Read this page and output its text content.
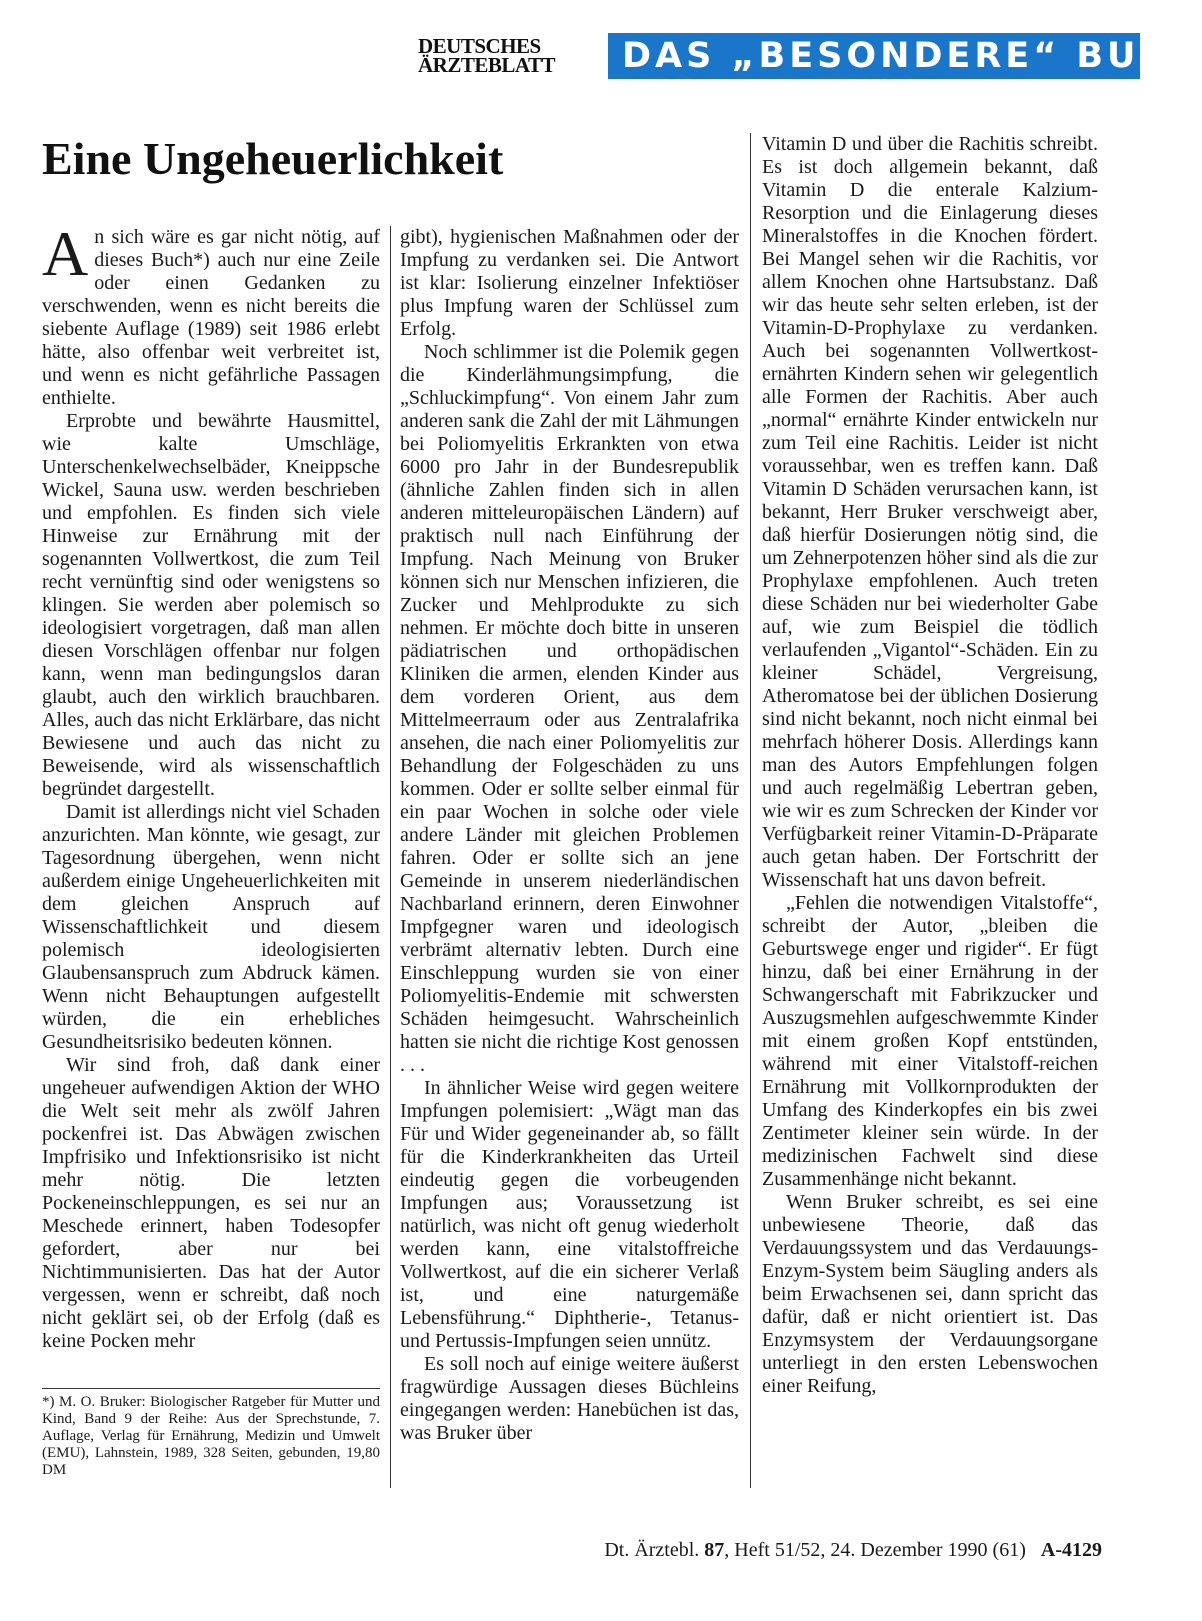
DEUTSCHES
ÄRZTEBLATT	DAS „BESONDERE“ BUCH
Eine Ungeheuerlichkeit

An sich wäre es gar nicht nötig, auf dieses Buch*) auch nur eine Zeile oder einen Gedanken zu verschwenden, wenn es nicht bereits die siebente Auflage (1989) seit 1986 erlebt hätte, also offenbar weit verbreitet ist, und wenn es nicht gefährliche Passagen enthielte.

Erprobte und bewährte Hausmittel, wie kalte Umschläge, Unterschenkelwechselbäder, Kneippsche Wickel, Sauna usw. werden beschrieben und empfohlen. Es finden sich viele Hinweise zur Ernährung mit der sogenannten Vollwertkost, die zum Teil recht vernünftig sind oder wenigstens so klingen. Sie werden aber polemisch so ideologisiert vorgetragen, daß man allen diesen Vorschlägen offenbar nur folgen kann, wenn man bedingungslos daran glaubt, auch den wirklich brauchbaren. Alles, auch das nicht Erklärbare, das nicht Bewiesene und auch das nicht zu Beweisende, wird als wissenschaftlich begründet dargestellt.

Damit ist allerdings nicht viel Schaden anzurichten. Man könnte, wie gesagt, zur Tagesordnung übergehen, wenn nicht außerdem einige Ungeheuerlichkeiten mit dem gleichen Anspruch auf Wissenschaftlichkeit und diesem polemisch ideologisierten Glaubensanspruch zum Abdruck kämen. Wenn nicht Behauptungen aufgestellt würden, die ein erhebliches Gesundheitsrisiko bedeuten können.

Wir sind froh, daß dank einer ungeheuer aufwendigen Aktion der WHO die Welt seit mehr als zwölf Jahren pockenfrei ist. Das Abwägen zwischen Impfrisiko und Infektionsrisiko ist nicht mehr nötig. Die letzten Pockeneinschleppungen, es sei nur an Meschede erinnert, haben Todesopfer gefordert, aber nur bei Nichtimmunisierten. Das hat der Autor vergessen, wenn er schreibt, daß noch nicht geklärt sei, ob der Erfolg (daß es keine Pocken mehr

gibt), hygienischen Maßnahmen oder der Impfung zu verdanken sei. Die Antwort ist klar: Isolierung einzelner Infektiöser plus Impfung waren der Schlüssel zum Erfolg.

Noch schlimmer ist die Polemik gegen die Kinderlähmungsimpfung, die „Schluckimpfung“. Von einem Jahr zum anderen sank die Zahl der mit Lähmungen bei Poliomyelitis Erkrankten von etwa 6000 pro Jahr in der Bundesrepublik (ähnliche Zahlen finden sich in allen anderen mitteleuropäischen Ländern) auf praktisch null nach Einführung der Impfung. Nach Meinung von Bruker können sich nur Menschen infizieren, die Zucker und Mehlprodukte zu sich nehmen. Er möchte doch bitte in unseren pädiatrischen und orthopädischen Kliniken die armen, elenden Kinder aus dem vorderen Orient, aus dem Mittelmeerraum oder aus Zentralafrika ansehen, die nach einer Poliomyelitis zur Behandlung der Folgeschäden zu uns kommen. Oder er sollte selber einmal für ein paar Wochen in solche oder viele andere Länder mit gleichen Problemen fahren. Oder er sollte sich an jene Gemeinde in unserem niederländischen Nachbarland erinnern, deren Einwohner Impfgegner waren und ideologisch verbrämt alternativ lebten. Durch eine Einschleppung wurden sie von einer Poliomyelitis-Endemie mit schwersten Schäden heimgesucht. Wahrscheinlich hatten sie nicht die richtige Kost genossen . . .

In ähnlicher Weise wird gegen weitere Impfungen polemisiert: „Wägt man das Für und Wider gegeneinander ab, so fällt für die Kinderkrankheiten das Urteil eindeutig gegen die vorbeugenden Impfungen aus; Voraussetzung ist natürlich, was nicht oft genug wiederholt werden kann, eine vitalstoffreiche Vollwertkost, auf die ein sicherer Verlaß ist, und eine naturgemäße Lebensführung.“ Diphtherie-, Tetanus- und Pertussis-Impfungen seien unnütz.

Es soll noch auf einige weitere äußerst fragwürdige Aussagen dieses Büchleins eingegangen werden: Hanebüchen ist das, was Bruker über

Vitamin D und über die Rachitis schreibt. Es ist doch allgemein bekannt, daß Vitamin D die enterale Kalzium-Resorption und die Einlagerung dieses Mineralstoffes in die Knochen fördert. Bei Mangel sehen wir die Rachitis, vor allem Knochen ohne Hartsubstanz. Daß wir das heute sehr selten erleben, ist der Vitamin-D-Prophylaxe zu verdanken. Auch bei sogenannten Vollwertkost-ernährten Kindern sehen wir gelegentlich alle Formen der Rachitis. Aber auch „normal“ ernährte Kinder entwickeln nur zum Teil eine Rachitis. Leider ist nicht voraussehbar, wen es treffen kann. Daß Vitamin D Schäden verursachen kann, ist bekannt, Herr Bruker verschweigt aber, daß hierfür Dosierungen nötig sind, die um Zehnerpotenzen höher sind als die zur Prophylaxe empfohlenen. Auch treten diese Schäden nur bei wiederholter Gabe auf, wie zum Beispiel die tödlich verlaufenden „Vigantol“-Schäden. Ein zu kleiner Schädel, Vergreisung, Atheromatose bei der üblichen Dosierung sind nicht bekannt, noch nicht einmal bei mehrfach höherer Dosis. Allerdings kann man des Autors Empfehlungen folgen und auch regelmäßig Lebertran geben, wie wir es zum Schrecken der Kinder vor Verfügbarkeit reiner Vitamin-D-Präparate auch getan haben. Der Fortschritt der Wissenschaft hat uns davon befreit.

„Fehlen die notwendigen Vitalstoffe“, schreibt der Autor, „bleiben die Geburtswege enger und rigider“. Er fügt hinzu, daß bei einer Ernährung in der Schwangerschaft mit Fabrikzucker und Auszugsmehlen aufgeschwemmte Kinder mit einem großen Kopf entstünden, während mit einer Vitalstoff-reichen Ernährung mit Vollkornprodukten der Umfang des Kinderkopfes ein bis zwei Zentimeter kleiner sein würde. In der medizinischen Fachwelt sind diese Zusammenhänge nicht bekannt.

Wenn Bruker schreibt, es sei eine unbewiesene Theorie, daß das Verdauungssystem und das Verdauungs-Enzym-System beim Säugling anders als beim Erwachsenen sei, dann spricht das dafür, daß er nicht orientiert ist. Das Enzymsystem der Verdauungsorgane unterliegt in den ersten Lebenswochen einer Reifung,

*) M. O. Bruker: Biologischer Ratgeber für Mutter und Kind, Band 9 der Reihe: Aus der Sprechstunde, 7. Auflage, Verlag für Ernährung, Medizin und Umwelt (EMU), Lahnstein, 1989, 328 Seiten, gebunden, 19,80 DM

Dt. Ärztebl. 87, Heft 51/52, 24. Dezember 1990 (61) A-4129
